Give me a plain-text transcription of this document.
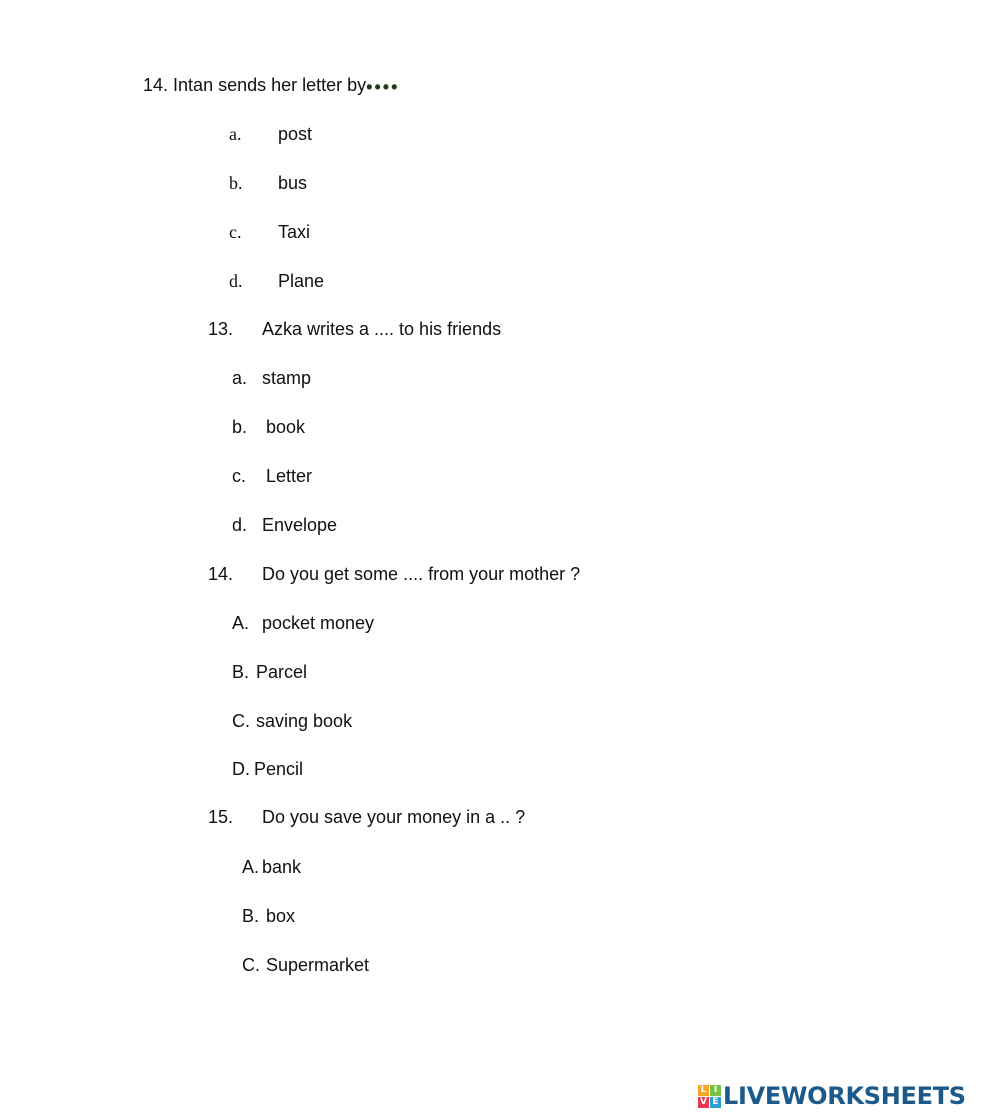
14. Intan sends her letter by••••
a. post
b. bus
c. Taxi
d. Plane
13. Azka writes a .... to his friends.
a. stamp
b. book
c. Letter
d. Envelope
14. Do you get some .... from your mother ?
A. pocket money
B. Parcel
C. saving book
D. Pencil
15. Do you save your money in a .. ?
A. bank
B. box
C. Supermarket
L I
V E LIVEWORKSHEETS
